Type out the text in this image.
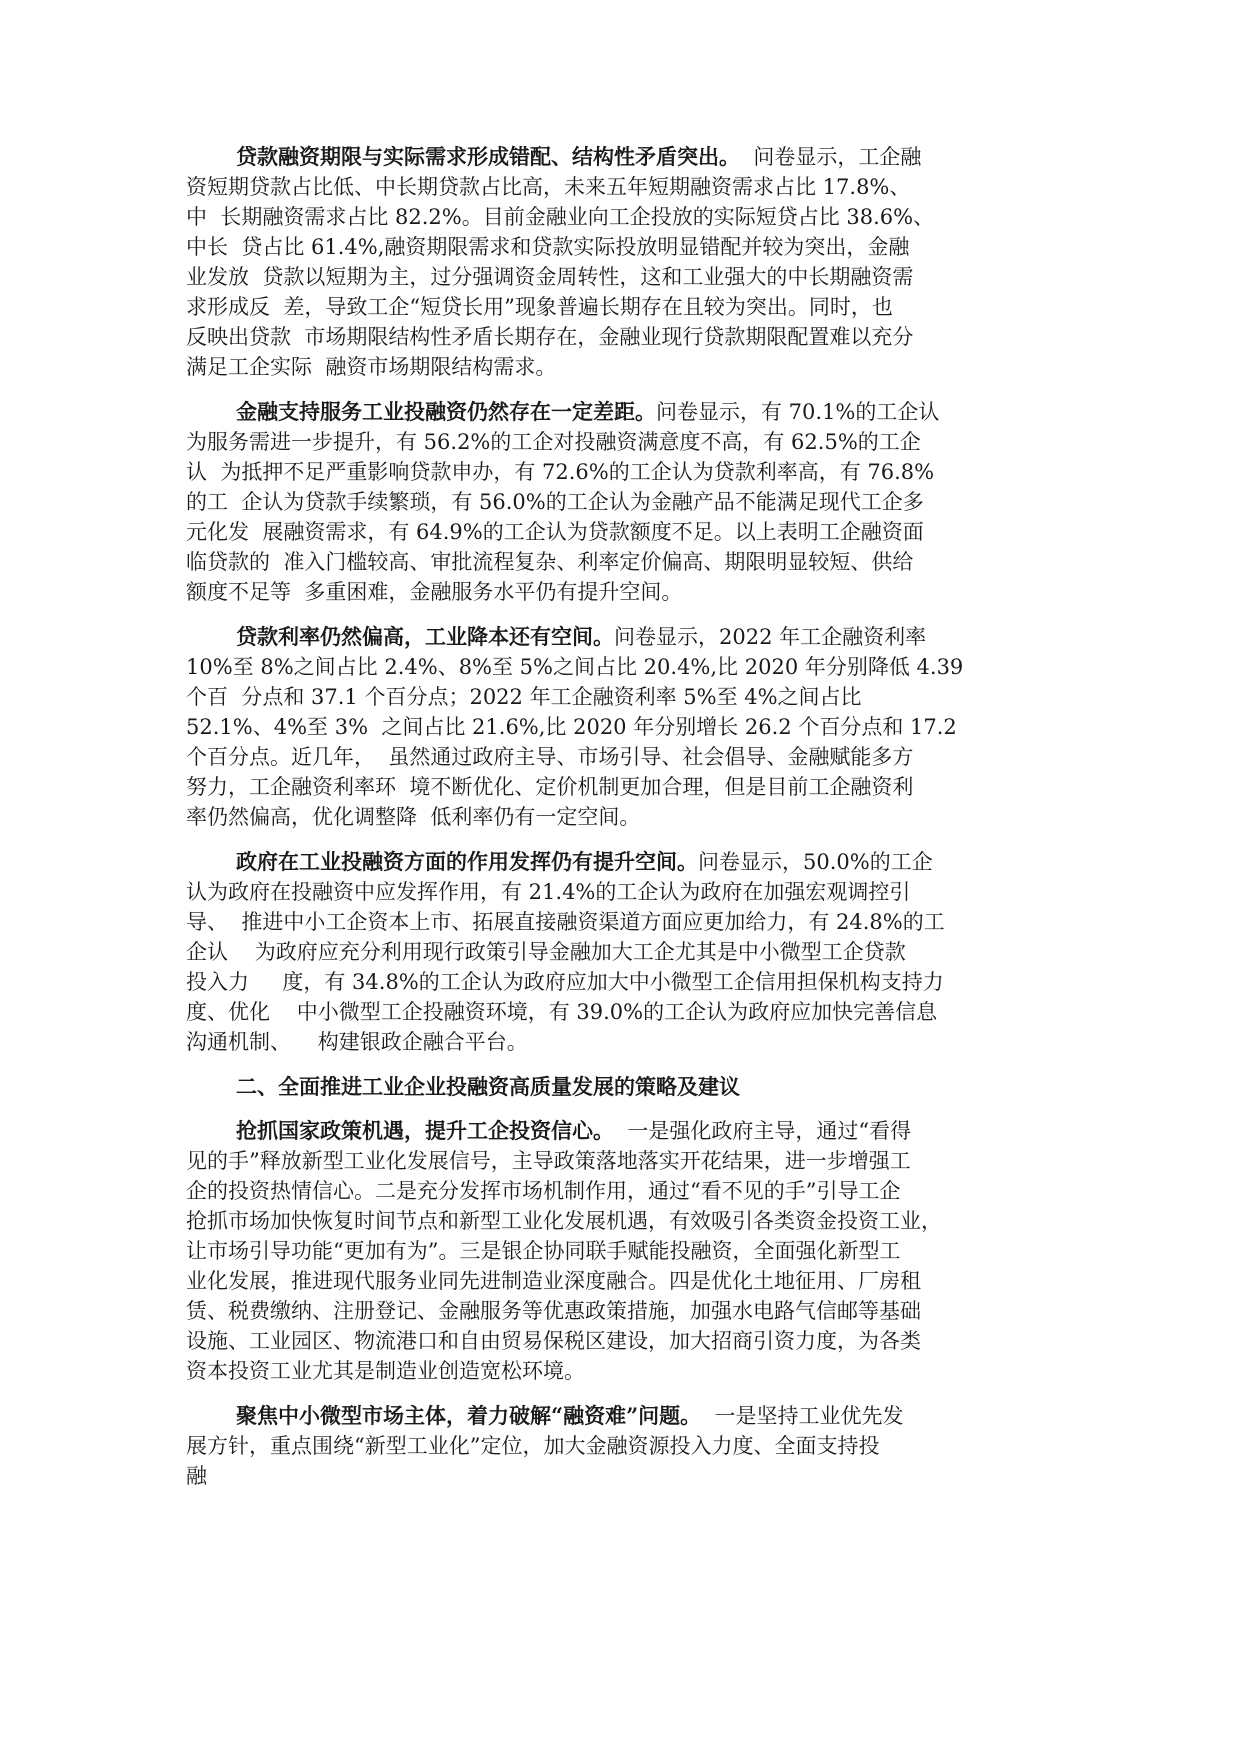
贷款融资期限与实际需求形成错配、结构性矛盾突出。  问卷显示，工企融
资短期贷款占比低、中长期贷款占比高，未来五年短期融资需求占比 17.8%、
中  长期融资需求占比 82.2%。目前金融业向工企投放的实际短贷占比 38.6%、
中长  贷占比 61.4%,融资期限需求和贷款实际投放明显错配并较为突出，金融
业发放  贷款以短期为主，过分强调资金周转性，这和工业强大的中长期融资需
求形成反  差，导致工企“短贷长用”现象普遍长期存在且较为突出。同时，也
反映出贷款  市场期限结构性矛盾长期存在，金融业现行贷款期限配置难以充分
满足工企实际  融资市场期限结构需求。
金融支持服务工业投融资仍然存在一定差距。问卷显示，有 70.1%的工企认
为服务需进一步提升，有 56.2%的工企对投融资满意度不高，有 62.5%的工企
认  为抵押不足严重影响贷款申办，有 72.6%的工企认为贷款利率高，有 76.8%
的工  企认为贷款手续繁琐，有 56.0%的工企认为金融产品不能满足现代工企多
元化发  展融资需求，有 64.9%的工企认为贷款额度不足。以上表明工企融资面
临贷款的  准入门槛较高、审批流程复杂、利率定价偏高、期限明显较短、供给
额度不足等  多重困难，金融服务水平仍有提升空间。
贷款利率仍然偏高，工业降本还有空间。问卷显示，2022 年工企融资利率
10%至 8%之间占比 2.4%、8%至 5%之间占比 20.4%,比 2020 年分别降低 4.39
个百  分点和 37.1 个百分点；2022 年工企融资利率 5%至 4%之间占比
52.1%、4%至 3%  之间占比 21.6%,比 2020 年分别增长 26.2 个百分点和 17.2
个百分点。近几年，  虽然通过政府主导、市场引导、社会倡导、金融赋能多方
努力，工企融资利率环  境不断优化、定价机制更加合理，但是目前工企融资利
率仍然偏高，优化调整降  低利率仍有一定空间。
政府在工业投融资方面的作用发挥仍有提升空间。问卷显示，50.0%的工企
认为政府在投融资中应发挥作用，有 21.4%的工企认为政府在加强宏观调控引
导、  推进中小工企资本上市、拓展直接融资渠道方面应更加给力，有 24.8%的工
企认    为政府应充分利用现行政策引导金融加大工企尤其是中小微型工企贷款
投入力     度，有 34.8%的工企认为政府应加大中小微型工企信用担保机构支持力
度、优化    中小微型工企投融资环境，有 39.0%的工企认为政府应加快完善信息
沟通机制、    构建银政企融合平台。
二、全面推进工业企业投融资高质量发展的策略及建议
抢抓国家政策机遇，提升工企投资信心。  一是强化政府主导，通过“看得
见的手”释放新型工业化发展信号，主导政策落地落实开花结果，进一步增强工
企的投资热情信心。二是充分发挥市场机制作用，通过“看不见的手”引导工企
抢抓市场加快恢复时间节点和新型工业化发展机遇，有效吸引各类资金投资工业，
让市场引导功能“更加有为”。三是银企协同联手赋能投融资，全面强化新型工
业化发展，推进现代服务业同先进制造业深度融合。四是优化土地征用、厂房租
赁、税费缴纳、注册登记、金融服务等优惠政策措施，加强水电路气信邮等基础
设施、工业园区、物流港口和自由贸易保税区建设，加大招商引资力度，为各类
资本投资工业尤其是制造业创造宽松环境。
聚焦中小微型市场主体，着力破解“融资难”问题。  一是坚持工业优先发
展方针，重点围绕“新型工业化”定位，加大金融资源投入力度、全面支持投
融
